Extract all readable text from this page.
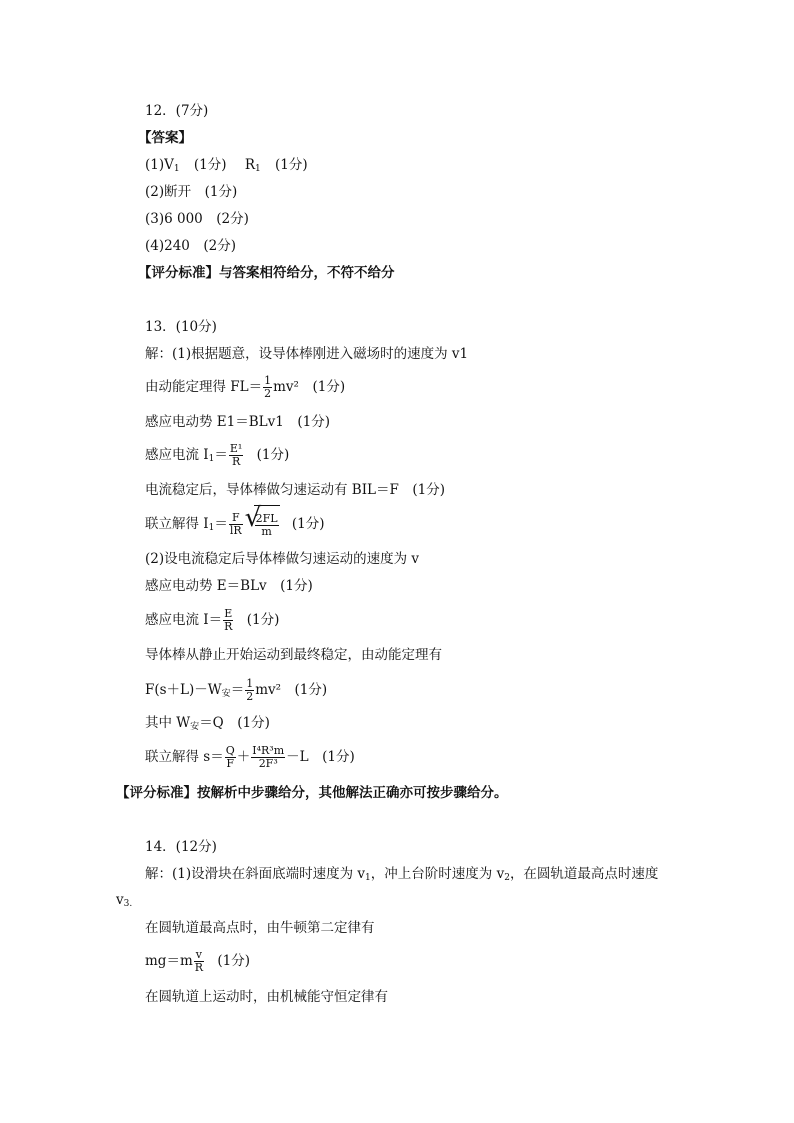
12．(7分)
【答案】
$(1)V_1$ (1分) $R_1$ (1分)
(2)断开　(1分)
(3)6 000　(2分)
(4)240　(2分)
【评分标准】与答案相符给分，不符不给分
13．(10分)
解：(1)根据题意，设导体棒刚进入磁场时的速度为 v1
由动能定理得 $FL= \frac{1}{2} mv^2$　(1分)
感应电动势 E1＝BLv1　(1分)
感应电流 $I_1= \frac{\text{E¹}}{R} (1$分)
电流稳定后，导体棒做匀速运动有 BIL＝F　(1分)
联立解得 $I_1= \frac{F}{lR}$ √
$\frac{2FL}{m} (1$分)
(2)设电流稳定后导体棒做匀速运动的速度为 v
感应电动势 E＝BLv　(1分)
感应电流 $I= \frac{E}{R} (1$分)
导体棒从静止开始运动到最终稳定，由动能定理有
$F(s+L)-W_安= \frac{1}{2} mv^2$　(1分)
其中 $W_安=Q$　(1分)
联立解得 $s= \frac{Q}{F} + \frac{\text{I⁴R³m}}{\text{2F³}} -L$　(1分)
【评分标准】按解析中步骤给分，其他解法正确亦可按步骤给分。
14．(12分)
解：(1)设滑块在斜面底端时速度为 $v_1$，冲上台阶时速度为 $v_2$，在圆轨道最高点时速度
$v_{3.}$
在圆轨道最高点时，由牛顿第二定律有
$mg=m \frac{v}{R} (1$分)
在圆轨道上运动时，由机械能守恒定律有
